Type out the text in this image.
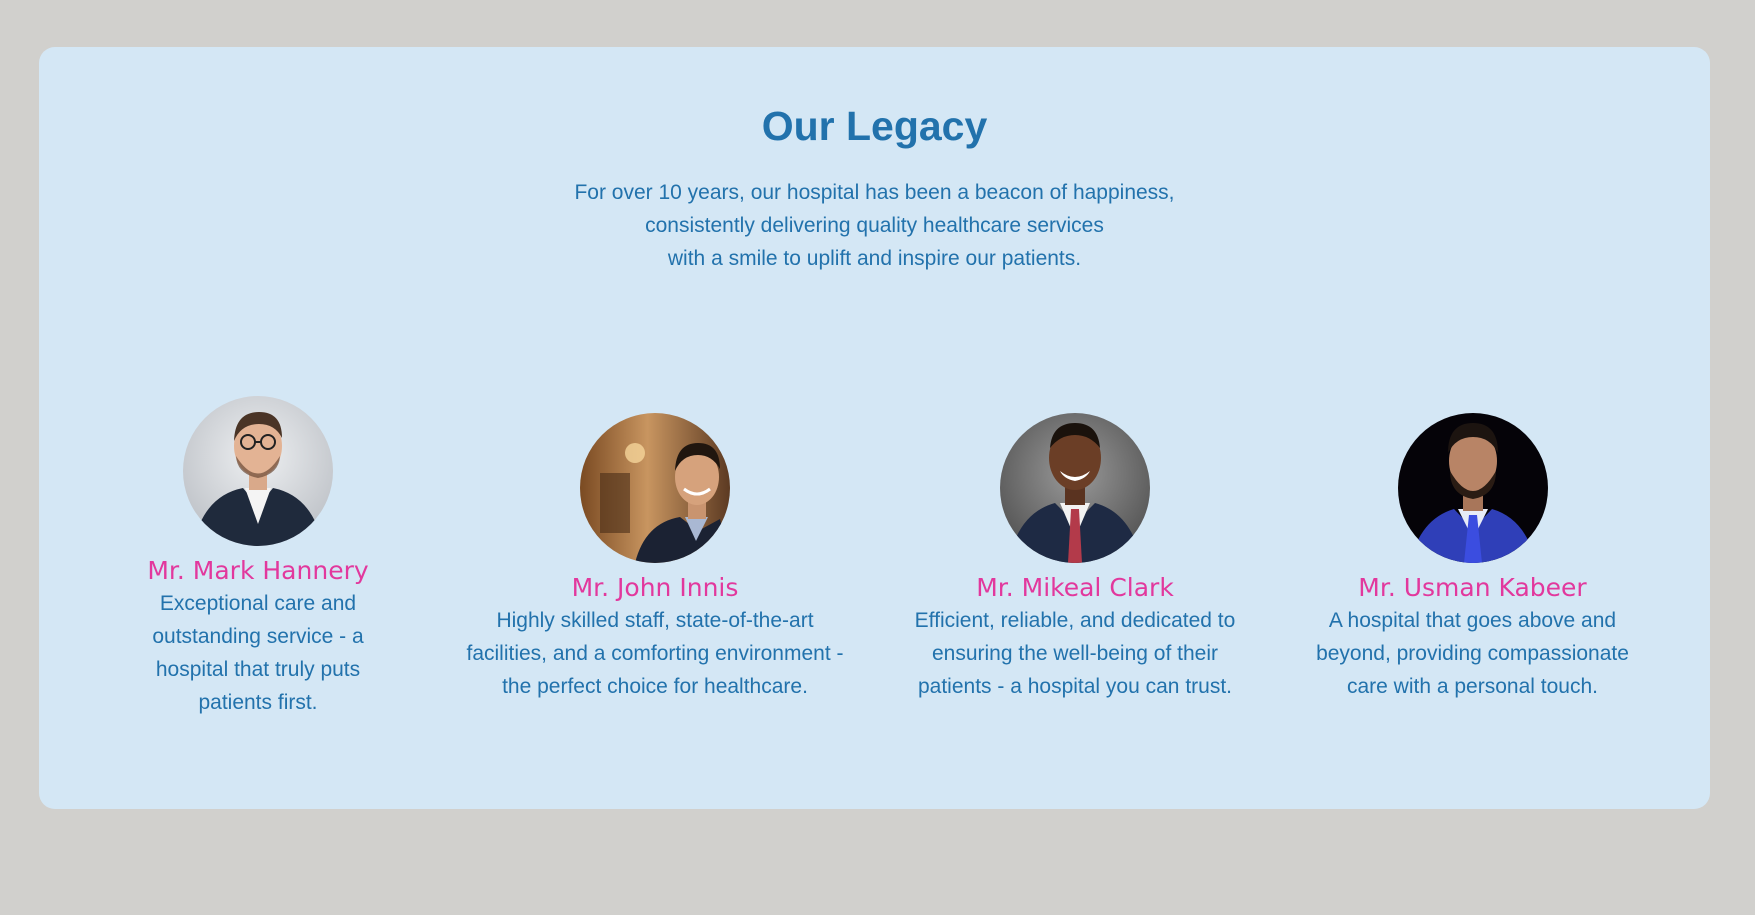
Our Legacy
For over 10 years, our hospital has been a beacon of happiness,
consistently delivering quality healthcare services
with a smile to uplift and inspire our patients.
Mr. Mark Hannery
Exceptional care and
outstanding service - a
hospital that truly puts
patients first.
Mr. John Innis
Highly skilled staff, state-of-the-art
facilities, and a comforting environment -
the perfect choice for healthcare.
Mr. Mikeal Clark
Efficient, reliable, and dedicated to
ensuring the well-being of their
patients - a hospital you can trust.
Mr. Usman Kabeer
A hospital that goes above and
beyond, providing compassionate
care with a personal touch.
